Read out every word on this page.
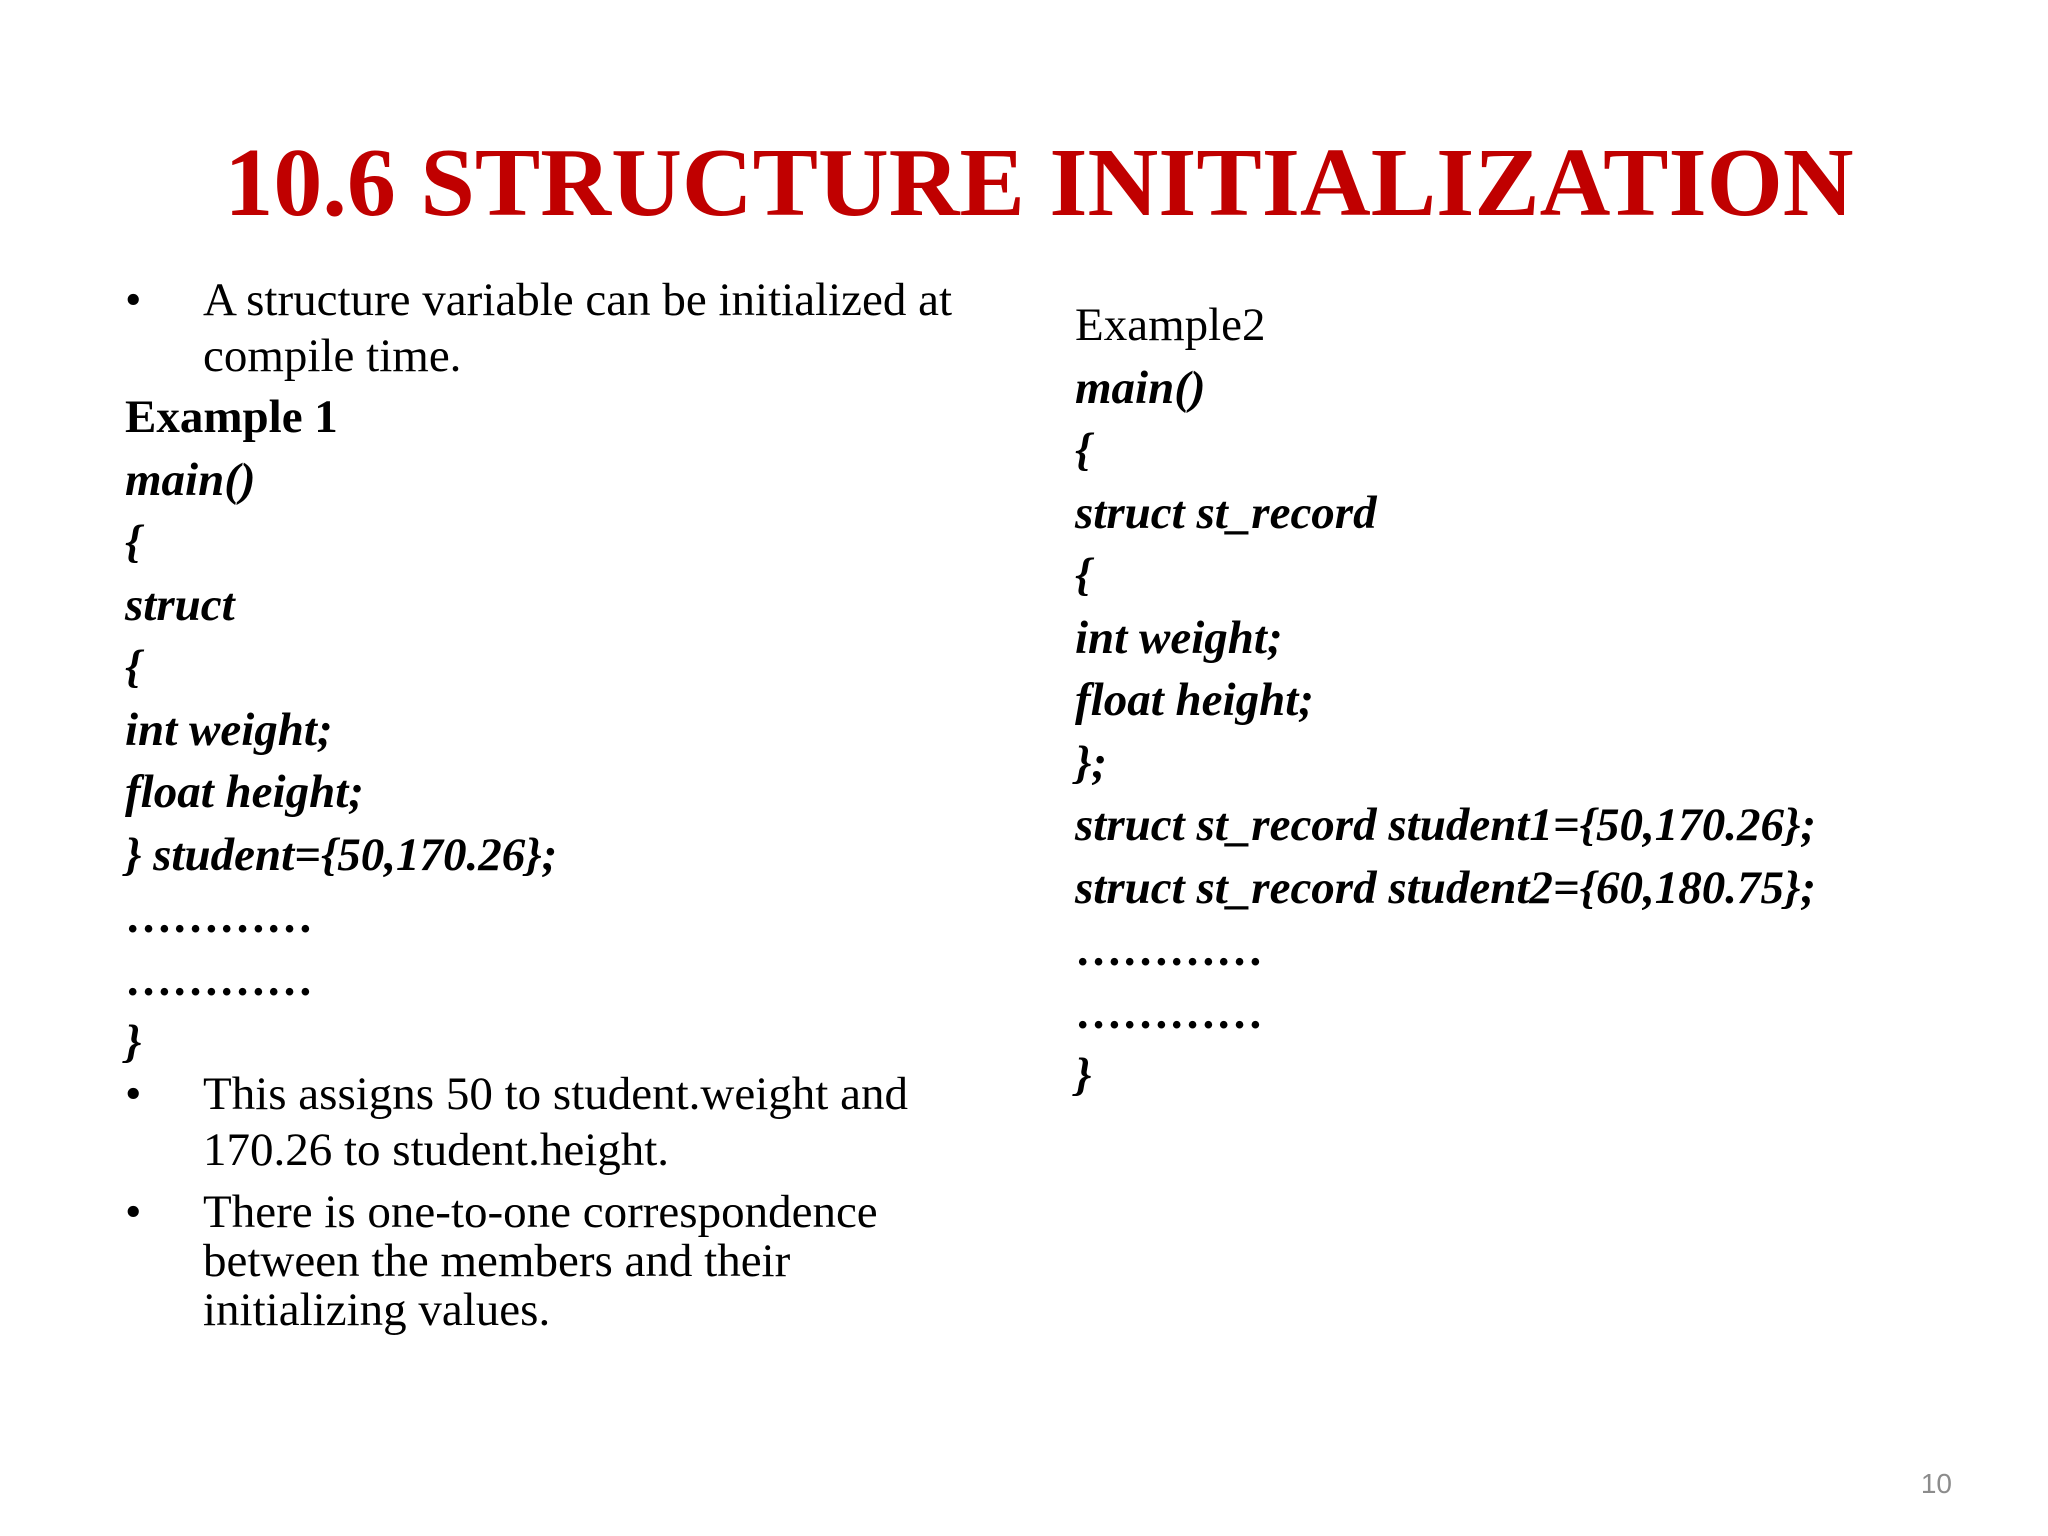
10.6 STRUCTURE INITIALIZATION
• A structure variable can be initialized at compile time.
Example 1
main()
{
struct
{
int weight;
float height;
} student={50,170.26};
…………
…………
}
• This assigns 50 to student.weight and 170.26 to student.height.
• There is one-to-one correspondence between the members and their initializing values.
Example2
main()
{
struct st_record
{
int weight;
float height;
};
struct st_record student1={50,170.26};
struct st_record student2={60,180.75};
…………
…………
}
10
